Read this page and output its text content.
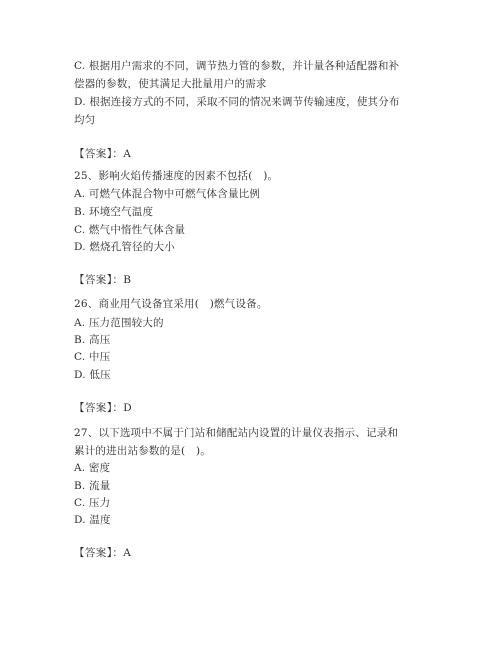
C. 根据用户需求的不同，调节热力管的参数，并计量各种适配器和补
偿器的参数，使其满足大批量用户的需求
D. 根据连接方式的不同，采取不同的情况来调节传输速度，使其分布
均匀
【答案】：A
25、影响火焰传播速度的因素不包括(　)。
A. 可燃气体混合物中可燃气体含量比例
B. 环境空气温度
C. 燃气中惰性气体含量
D. 燃烧孔管径的大小
【答案】：B
26、商业用气设备宜采用(　)燃气设备。
A. 压力范围较大的
B. 高压
C. 中压
D. 低压
【答案】：D
27、以下选项中不属于门站和储配站内设置的计量仪表指示、记录和
累计的进出站参数的是(　)。
A. 密度
B. 流量
C. 压力
D. 温度
【答案】：A
